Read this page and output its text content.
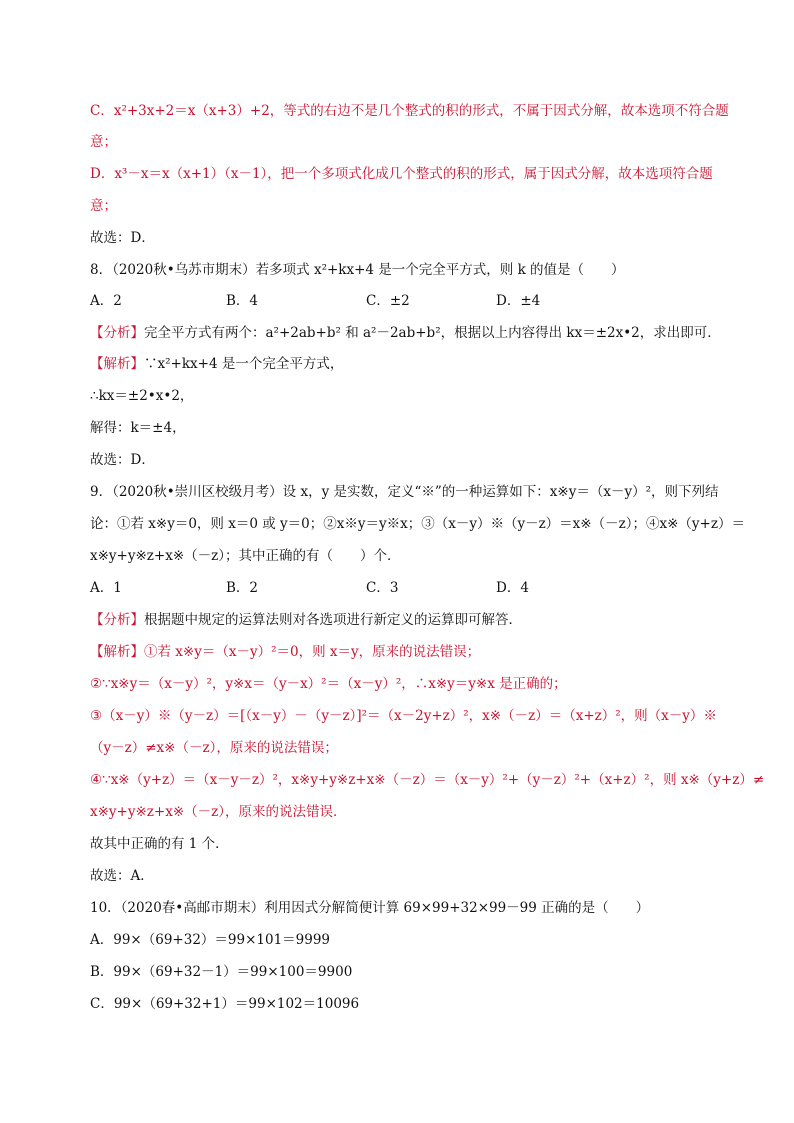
C．x²+3x+2＝x（x+3）+2，等式的右边不是几个整式的积的形式，不属于因式分解，故本选项不符合题
意；
D．x³－x＝x（x+1）（x－1），把一个多项式化成几个整式的积的形式，属于因式分解，故本选项符合题
意；
故选：D．
8．（2020秋•乌苏市期末）若多项式 x²+kx+4 是一个完全平方式，则 k 的值是（　　）
A．2	B．4	C．±2	D．±4
【分析】完全平方式有两个：a²+2ab+b² 和 a²－2ab+b²，根据以上内容得出 kx＝±2x•2，求出即可．
【解析】∵x²+kx+4 是一个完全平方式，
∴kx＝±2•x•2，
解得：k＝±4，
故选：D．
9．（2020秋•崇川区校级月考）设 x，y 是实数，定义“※”的一种运算如下：x※y＝（x－y）²，则下列结
论：①若 x※y＝0，则 x＝0 或 y＝0；②x※y＝y※x；③（x－y）※（y－z）＝x※（－z）；④x※（y+z）＝
x※y+y※z+x※（－z）；其中正确的有（　　）个．
A．1	B．2	C．3	D．4
【分析】根据题中规定的运算法则对各选项进行新定义的运算即可解答．
【解析】①若 x※y＝（x－y）²＝0，则 x＝y，原来的说法错误；
②∵x※y＝（x－y）²，y※x＝（y－x）²＝（x－y）²，∴x※y＝y※x 是正确的；
③（x－y）※（y－z）＝[（x－y）－（y－z）]²＝（x－2y+z）²，x※（－z）＝（x+z）²，则（x－y）※
（y－z）≠x※（－z），原来的说法错误；
④∵x※（y+z）＝（x－y－z）²，x※y+y※z+x※（－z）＝（x－y）²+（y－z）²+（x+z）²，则 x※（y+z）≠
x※y+y※z+x※（－z），原来的说法错误．
故其中正确的有 1 个．
故选：A．
10．（2020春•高邮市期末）利用因式分解简便计算 69×99+32×99－99 正确的是（　　）
A．99×（69+32）＝99×101＝9999
B．99×（69+32－1）＝99×100＝9900
C．99×（69+32+1）＝99×102＝10096
